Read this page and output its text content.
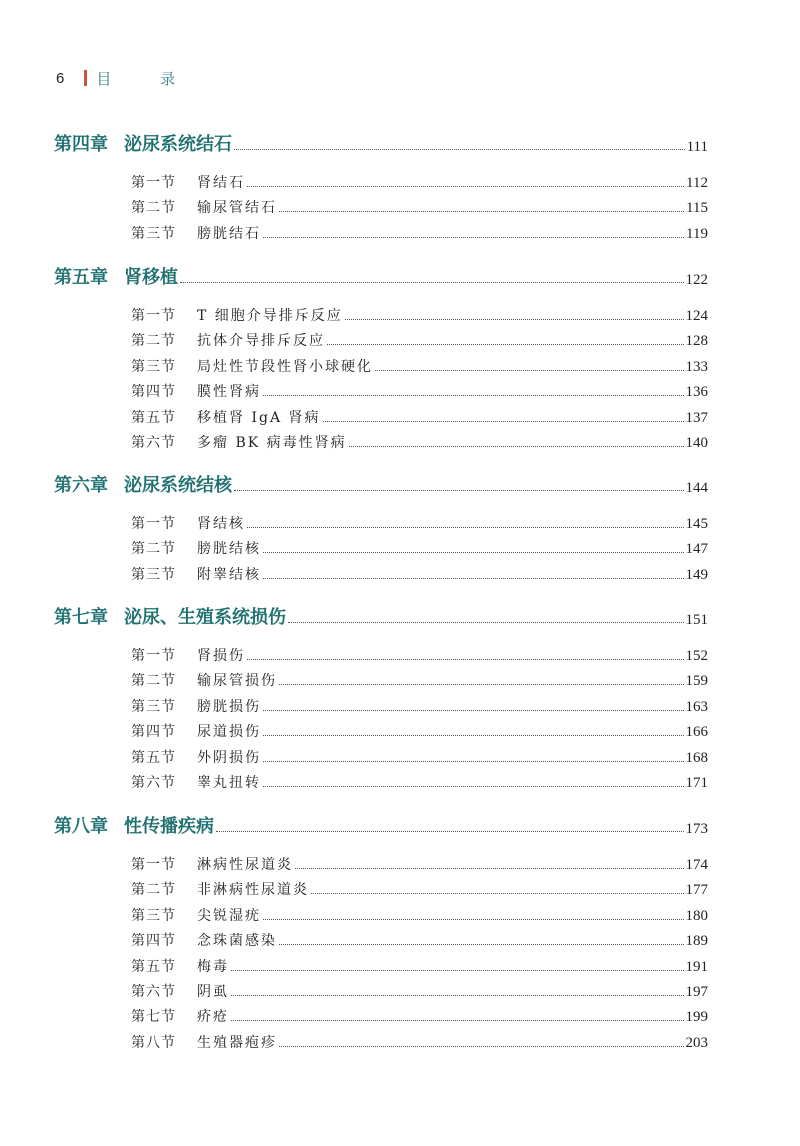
6 目 录
第四章 泌尿系统结石	111
第一节	肾结石	112
第二节	输尿管结石	115
第三节	膀胱结石	119
第五章 肾移植	122
第一节	T 细胞介导排斥反应	124
第二节	抗体介导排斥反应	128
第三节	局灶性节段性肾小球硬化	133
第四节	膜性肾病	136
第五节	移植肾 IgA 肾病	137
第六节	多瘤 BK 病毒性肾病	140
第六章 泌尿系统结核	144
第一节	肾结核	145
第二节	膀胱结核	147
第三节	附睾结核	149
第七章 泌尿、生殖系统损伤	151
第一节	肾损伤	152
第二节	输尿管损伤	159
第三节	膀胱损伤	163
第四节	尿道损伤	166
第五节	外阴损伤	168
第六节	睾丸扭转	171
第八章 性传播疾病	173
第一节	淋病性尿道炎	174
第二节	非淋病性尿道炎	177
第三节	尖锐湿疣	180
第四节	念珠菌感染	189
第五节	梅毒	191
第六节	阴虱	197
第七节	疥疮	199
第八节	生殖器疱疹	203
